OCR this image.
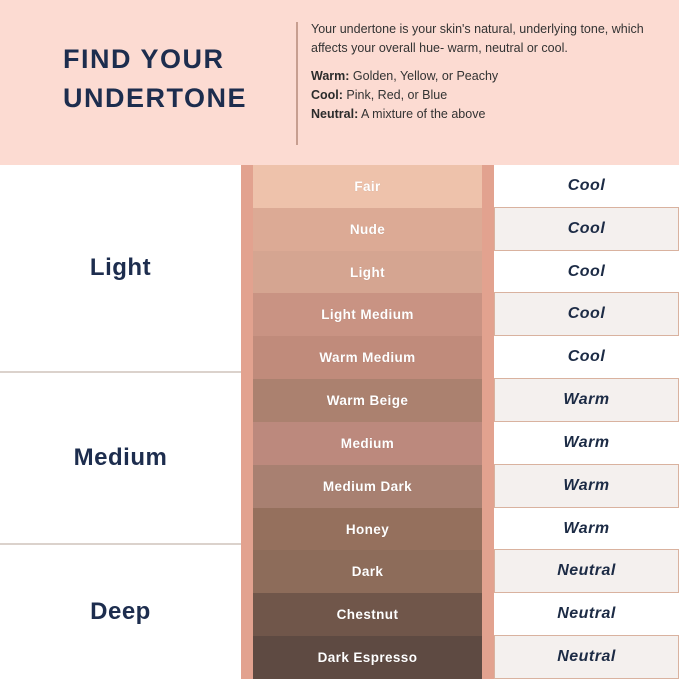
FIND YOUR
UNDERTONE

Your undertone is your skin's natural, underlying tone, which affects your overall hue- warm, neutral or cool.

Warm: Golden, Yellow, or Peachy
Cool: Pink, Red, or Blue
Neutral: A mixture of the above
Light
Medium
Deep
Fair
Nude
Light
Light Medium
Warm Medium
Warm Beige
Medium
Medium Dark
Honey
Dark
Chestnut
Dark Espresso
Cool
Cool
Cool
Cool
Cool
Warm
Warm
Warm
Warm
Neutral
Neutral
Neutral
